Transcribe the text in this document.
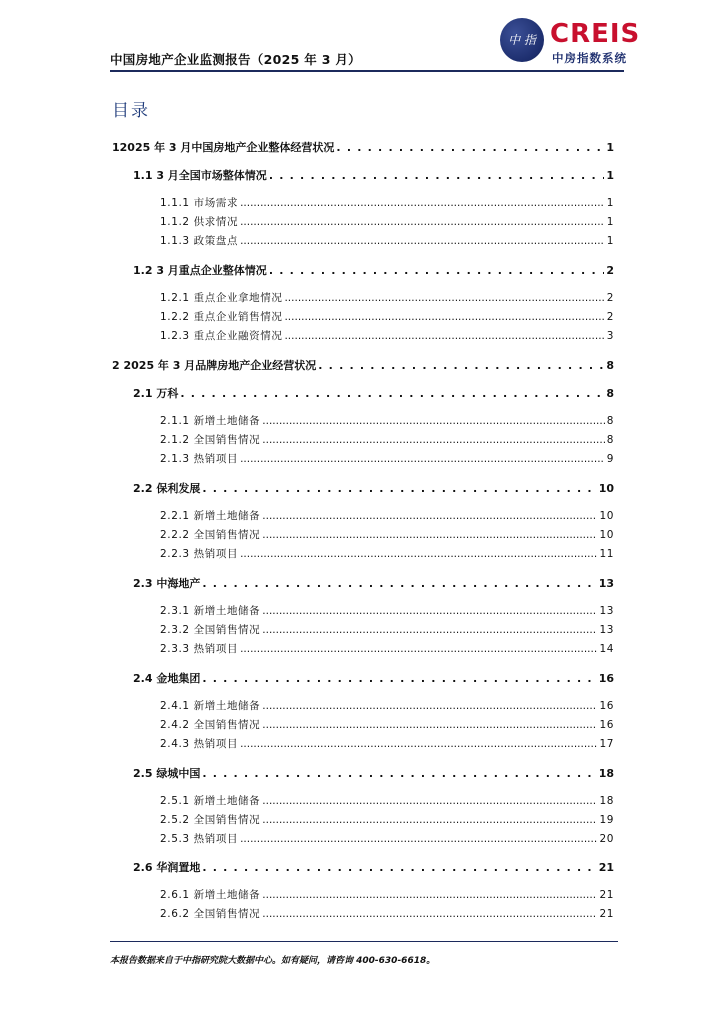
中国房地产企业监测报告（2025 年 3 月）
中 指 CREIS
中房指数系统
目录
12025 年 3 月中国房地产企业整体经营状况 . . .	1
1.1 3 月全国市场整体情况 . . .	1
1.1.1 市场需求 .....	1
1.1.2 供求情况 .....	1
1.1.3 政策盘点 .....	1
1.2 3 月重点企业整体情况 . . .	2
1.2.1 重点企业拿地情况 .....	2
1.2.2 重点企业销售情况 .....	2
1.2.3 重点企业融资情况 .....	3
2 2025 年 3 月品牌房地产企业经营状况 . . .	8
2.1 万科 . . .	8
2.1.1 新增土地储备 .....	8
2.1.2 全国销售情况 .....	8
2.1.3 热销项目 .....	9
2.2 保利发展 . . .	10
2.2.1 新增土地储备 .....	10
2.2.2 全国销售情况 .....	10
2.2.3 热销项目 .....	11
2.3 中海地产 . . .	13
2.3.1 新增土地储备 .....	13
2.3.2 全国销售情况 .....	13
2.3.3 热销项目 .....	14
2.4 金地集团 . . .	16
2.4.1 新增土地储备 .....	16
2.4.2 全国销售情况 .....	16
2.4.3 热销项目 .....	17
2.5 绿城中国 . . .	18
2.5.1 新增土地储备 .....	18
2.5.2 全国销售情况 .....	19
2.5.3 热销项目 .....	20
2.6 华润置地 . . .	21
2.6.1 新增土地储备 .....	21
2.6.2 全国销售情况 .....	21
本报告数据来自于中指研究院大数据中心。如有疑问，请咨询 400-630-6618。
